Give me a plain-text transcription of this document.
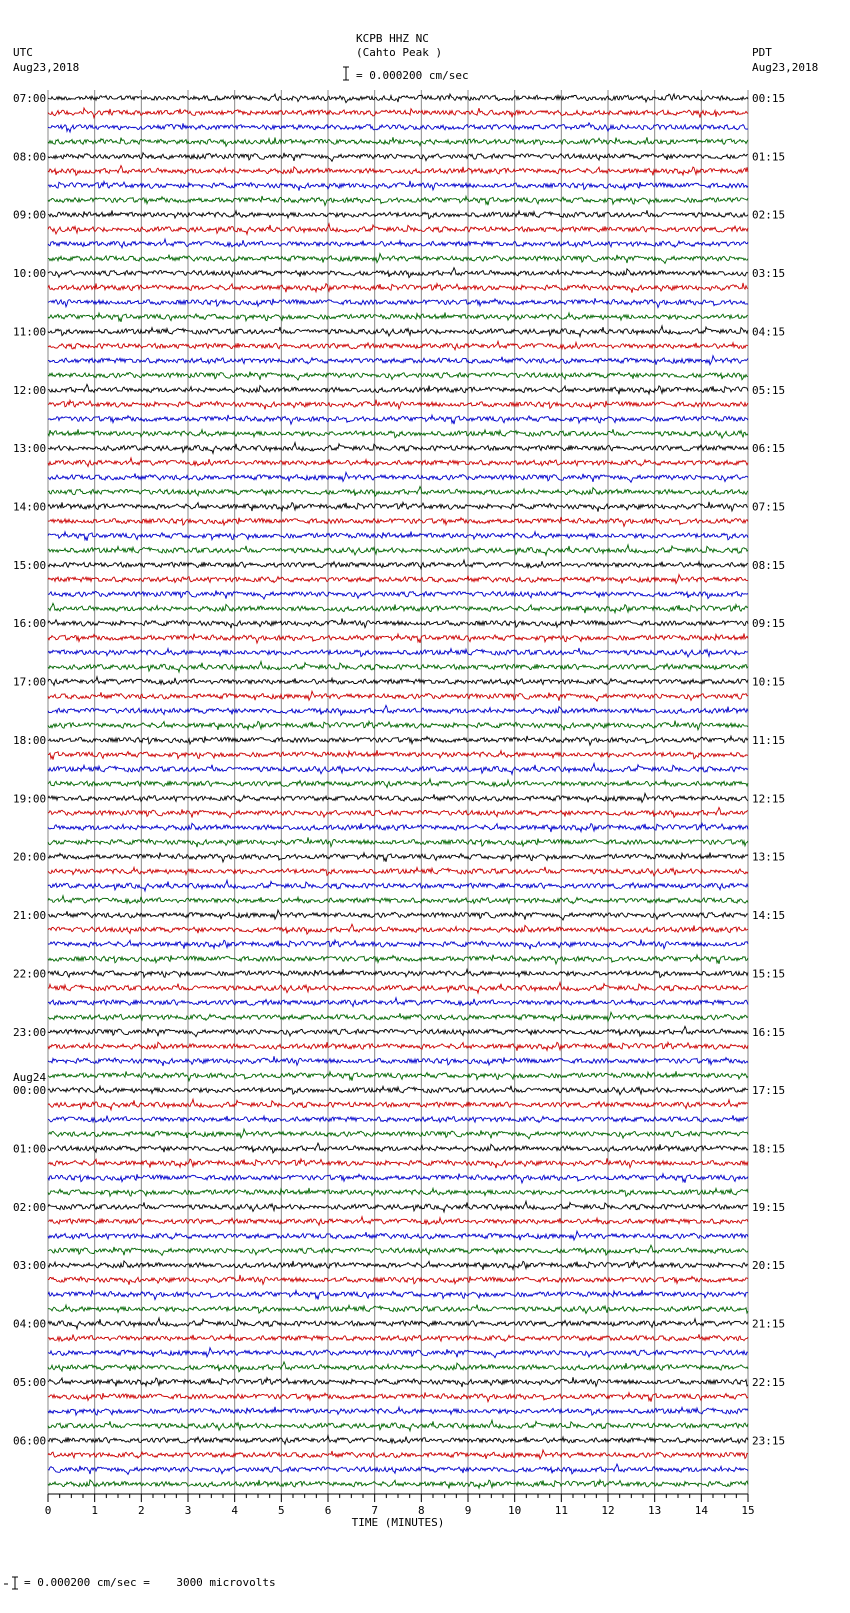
KCPB HHZ NC
(Cahto Peak )
UTC
Aug23,2018
PDT
Aug23,2018
= 0.000200 cm/sec
= 0.000200 cm/sec =    3000 microvolts
0	1	2	3	4	5	6	7	8	9	10	11	12	13	14	15
TIME (MINUTES)
07:00
08:00
09:00
10:00
11:00
12:00
13:00
14:00
15:00
16:00
17:00
18:00
19:00
20:00
21:00
22:00
23:00
00:00
Aug24
01:00
02:00
03:00
04:00
05:00
06:00
00:15
01:15
02:15
03:15
04:15
05:15
06:15
07:15
08:15
09:15
10:15
11:15
12:15
13:15
14:15
15:15
16:15
17:15
18:15
19:15
20:15
21:15
22:15
23:15
